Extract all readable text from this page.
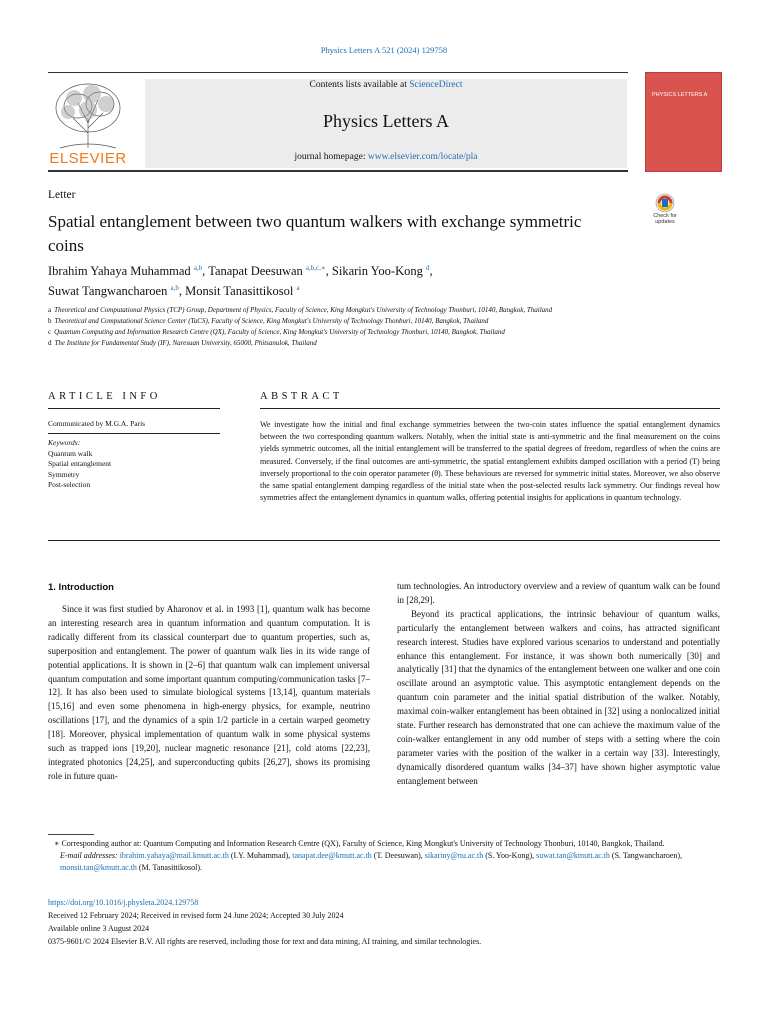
Physics Letters A 521 (2024) 129758
ELSEVIER
Contents lists available at ScienceDirect
Physics Letters A
journal homepage: www.elsevier.com/locate/pla
PHYSICS LETTERS A
Letter
Spatial entanglement between two quantum walkers with exchange symmetric coins
Check for
updates
Ibrahim Yahaya Muhammad $^{a,b}$, Tanapat Deesuwan $^{a,b,c,∗}$, Sikarin Yoo-Kong $^d$,
Suwat Tangwancharoen $^{a,b}$, Monsit Tanasittikosol $^a$
a Theoretical and Computational Physics (TCP) Group, Department of Physics, Faculty of Science, King Mongkut's University of Technology Thonburi, 10140, Bangkok, Thailand
b Theoretical and Computational Science Center (TaCS), Faculty of Science, King Mongkut's University of Technology Thonburi, 10140, Bangkok, Thailand
c Quantum Computing and Information Research Centre (QX), Faculty of Science, King Mongkut's University of Technology Thonburi, 10140, Bangkok, Thailand
d The Institute for Fundamental Study (IF), Naresuan University, 65000, Phitsanulok, Thailand
ARTICLE INFO
Communicated by M.G.A. Paris
Keywords:
Quantum walk
Spatial entanglement
Symmetry
Post-selection
ABSTRACT
We investigate how the initial and final exchange symmetries between the two-coin states influence the spatial entanglement dynamics between the two corresponding quantum walkers. Notably, when the initial state is anti-symmetric and the final measurement on the coins yields symmetric outcomes, all the initial entanglement will be transferred to the spatial degrees of freedom, regardless of when the coins are measured. Conversely, if the final outcomes are anti-symmetric, the spatial entanglement exhibits damped oscillation with a period (T) being inversely proportional to the coin operator parameter (θ). These behaviours are reversed for symmetric initial states. Moreover, we also observe the same spatial entanglement damping regardless of the initial state when the post-selected results lack symmetry. Our findings reveal how symmetries affect the entanglement dynamics in quantum walks, offering potential insights for applications in quantum technology.
1. Introduction
Since it was first studied by Aharonov et al. in 1993 [1], quantum walk has become an interesting research area in quantum information and quantum computation. It is radically different from its classical counterpart due to quantum properties, such as, superposition and entanglement. The power of quantum walk lies in its wide range of potential applications. It is shown in [2–6] that quantum walk can implement universal quantum computation and some important quantum computing/communication tasks [7–12]. It has also been used to simulate biological systems [13,14], quantum materials [15,16] and even some phenomena in high-energy physics, for example, neutrino oscillations [17], and the dynamics of a spin 1/2 particle in a certain warped geometry [18]. Moreover, physical implementation of quantum walk in some physical systems such as trapped ions [19,20], nuclear magnetic resonance [21], cold atoms [22,23], integrated photonics [24,25], and superconducting qubits [26,27], shows its promising role in future quan-
tum technologies. An introductory overview and a review of quantum walk can be found in [28,29].
Beyond its practical applications, the intrinsic behaviour of quantum walks, particularly the entanglement between walkers and coins, has attracted significant research interest. Studies have explored various scenarios to understand and potentially enhance this entanglement. For instance, it was shown both numerically [30] and analytically [31] that the dynamics of the entanglement between one walker and one coin oscillate around an asymptotic value. This asymptotic entanglement depends on the quantum coin parameter and the initial spatial distribution of the walker. Notably, maximal coin-walker entanglement has been obtained in [32] using a nonlocalized initial state. Further research has demonstrated that one can achieve the maximum value of the coin-walker entanglement in any odd number of steps with a setting where the coin parameter varies with the position of the walker in a certain way [33]. Interestingly, dynamically disordered quantum walks [34–37] have shown higher asymptotic value entanglement between
∗ Corresponding author at: Quantum Computing and Information Research Centre (QX), Faculty of Science, King Mongkut's University of Technology Thonburi, 10140, Bangkok, Thailand.
E-mail addresses: ibrahim.yahaya@mail.kmutt.ac.th (I.Y. Muhammad), tanapat.dee@kmutt.ac.th (T. Deesuwan), sikariny@nu.ac.th (S. Yoo-Kong), suwat.tan@kmutt.ac.th (S. Tangwancharoen), monsit.tan@kmutt.ac.th (M. Tanasittikosol).
https://doi.org/10.1016/j.physleta.2024.129758
Received 12 February 2024; Received in revised form 24 June 2024; Accepted 30 July 2024
Available online 3 August 2024
0375-9601/© 2024 Elsevier B.V. All rights are reserved, including those for text and data mining, AI training, and similar technologies.
